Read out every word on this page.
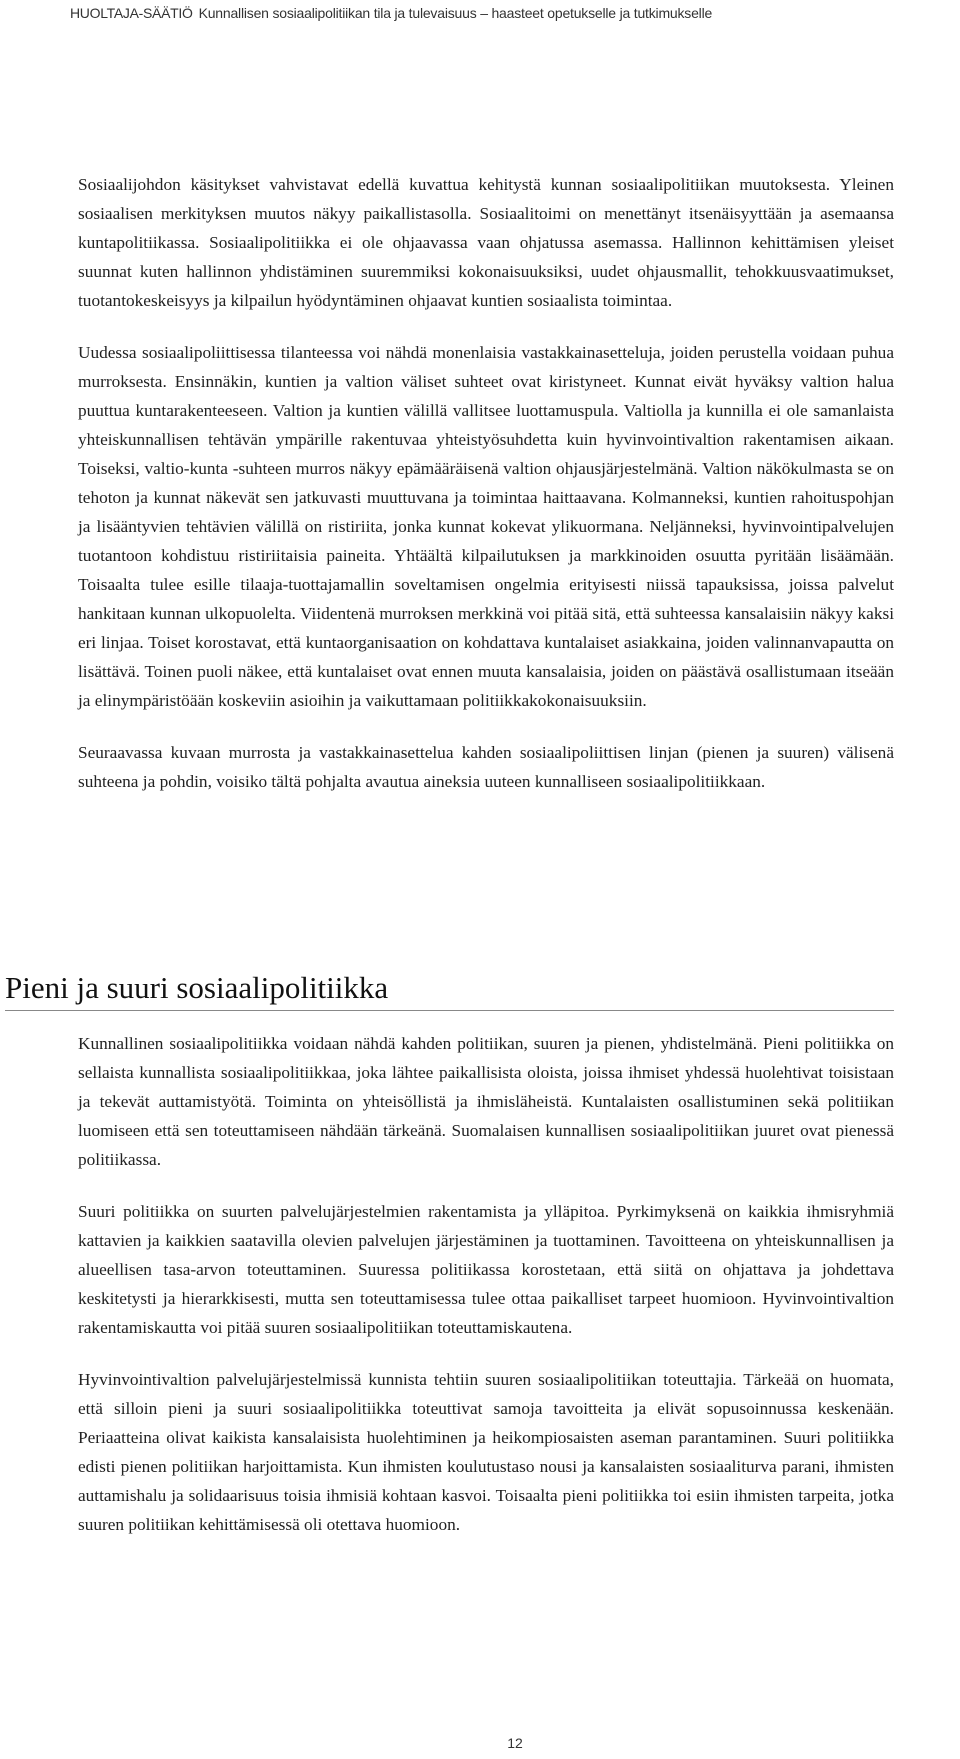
HUOLTAJA-SÄÄTIÖ Kunnallisen sosiaalipolitiikan tila ja tulevaisuus – haasteet opetukselle ja tutkimukselle

Sosiaalijohdon käsitykset vahvistavat edellä kuvattua kehitystä kunnan sosiaalipolitiikan muutoksesta. Yleinen sosiaalisen merkityksen muutos näkyy paikallistasolla. Sosiaalitoimi on menettänyt itsenäisyyttään ja asemaansa kuntapolitiikassa. Sosiaalipolitiikka ei ole ohjaavassa vaan ohjatussa asemassa. Hallinnon kehittämisen yleiset suunnat kuten hallinnon yhdistäminen suuremmiksi kokonaisuuksiksi, uudet ohjausmallit, tehokkuusvaatimukset, tuotantokeskeisyys ja kilpailun hyödyntäminen ohjaavat kuntien sosiaalista toimintaa.

Uudessa sosiaalipoliittisessa tilanteessa voi nähdä monenlaisia vastakkainasetteluja, joiden perustella voidaan puhua murroksesta. Ensinnäkin, kuntien ja valtion väliset suhteet ovat kiristyneet. Kunnat eivät hyväksy valtion halua puuttua kuntarakenteeseen. Valtion ja kuntien välillä vallitsee luottamuspula. Valtiolla ja kunnilla ei ole samanlaista yhteiskunnallisen tehtävän ympärille rakentuvaa yhteistyösuhdetta kuin hyvinvointivaltion rakentamisen aikaan. Toiseksi, valtio-kunta -suhteen murros näkyy epämääräisenä valtion ohjausjärjestelmänä. Valtion näkökulmasta se on tehoton ja kunnat näkevät sen jatkuvasti muuttuvana ja toimintaa haittaavana. Kolmanneksi, kuntien rahoituspohjan ja lisääntyvien tehtävien välillä on ristiriita, jonka kunnat kokevat ylikuormana. Neljänneksi, hyvinvointipalvelujen tuotantoon kohdistuu ristiriitaisia paineita. Yhtäältä kilpailutuksen ja markkinoiden osuutta pyritään lisäämään. Toisaalta tulee esille tilaaja-tuottajamallin soveltamisen ongelmia erityisesti niissä tapauksissa, joissa palvelut hankitaan kunnan ulkopuolelta. Viidentenä murroksen merkkinä voi pitää sitä, että suhteessa kansalaisiin näkyy kaksi eri linjaa. Toiset korostavat, että kuntaorganisaation on kohdattava kuntalaiset asiakkaina, joiden valinnanvapautta on lisättävä. Toinen puoli näkee, että kuntalaiset ovat ennen muuta kansalaisia, joiden on päästävä osallistumaan itseään ja elinympäristöään koskeviin asioihin ja vaikuttamaan politiikkakokonaisuuksiin.

Seuraavassa kuvaan murrosta ja vastakkainasettelua kahden sosiaalipoliittisen linjan (pienen ja suuren) välisenä suhteena ja pohdin, voisiko tältä pohjalta avautua aineksia uuteen kunnalliseen sosiaalipolitiikkaan.

Pieni ja suuri sosiaalipolitiikka

Kunnallinen sosiaalipolitiikka voidaan nähdä kahden politiikan, suuren ja pienen, yhdistelmänä. Pieni politiikka on sellaista kunnallista sosiaalipolitiikkaa, joka lähtee paikallisista oloista, joissa ihmiset yhdessä huolehtivat toisistaan ja tekevät auttamistyötä. Toiminta on yhteisöllistä ja ihmisläheistä. Kuntalaisten osallistuminen sekä politiikan luomiseen että sen toteuttamiseen nähdään tärkeänä. Suomalaisen kunnallisen sosiaalipolitiikan juuret ovat pienessä politiikassa.

Suuri politiikka on suurten palvelujärjestelmien rakentamista ja ylläpitoa. Pyrkimyksenä on kaikkia ihmisryhmiä kattavien ja kaikkien saatavilla olevien palvelujen järjestäminen ja tuottaminen. Tavoitteena on yhteiskunnallisen ja alueellisen tasa-arvon toteuttaminen. Suuressa politiikassa korostetaan, että siitä on ohjattava ja johdettava keskitetysti ja hierarkkisesti, mutta sen toteuttamisessa tulee ottaa paikalliset tarpeet huomioon. Hyvinvointivaltion rakentamiskautta voi pitää suuren sosiaalipolitiikan toteuttamiskautena.

Hyvinvointivaltion palvelujärjestelmissä kunnista tehtiin suuren sosiaalipolitiikan toteuttajia. Tärkeää on huomata, että silloin pieni ja suuri sosiaalipolitiikka toteuttivat samoja tavoitteita ja elivät sopusoinnussa keskenään. Periaatteina olivat kaikista kansalaisista huolehtiminen ja heikompiosaisten aseman parantaminen. Suuri politiikka edisti pienen politiikan harjoittamista. Kun ihmisten koulutustaso nousi ja kansalaisten sosiaaliturva parani, ihmisten auttamishalu ja solidaarisuus toisia ihmisiä kohtaan kasvoi. Toisaalta pieni politiikka toi esiin ihmisten tarpeita, jotka suuren politiikan kehittämisessä oli otettava huomioon.

12
